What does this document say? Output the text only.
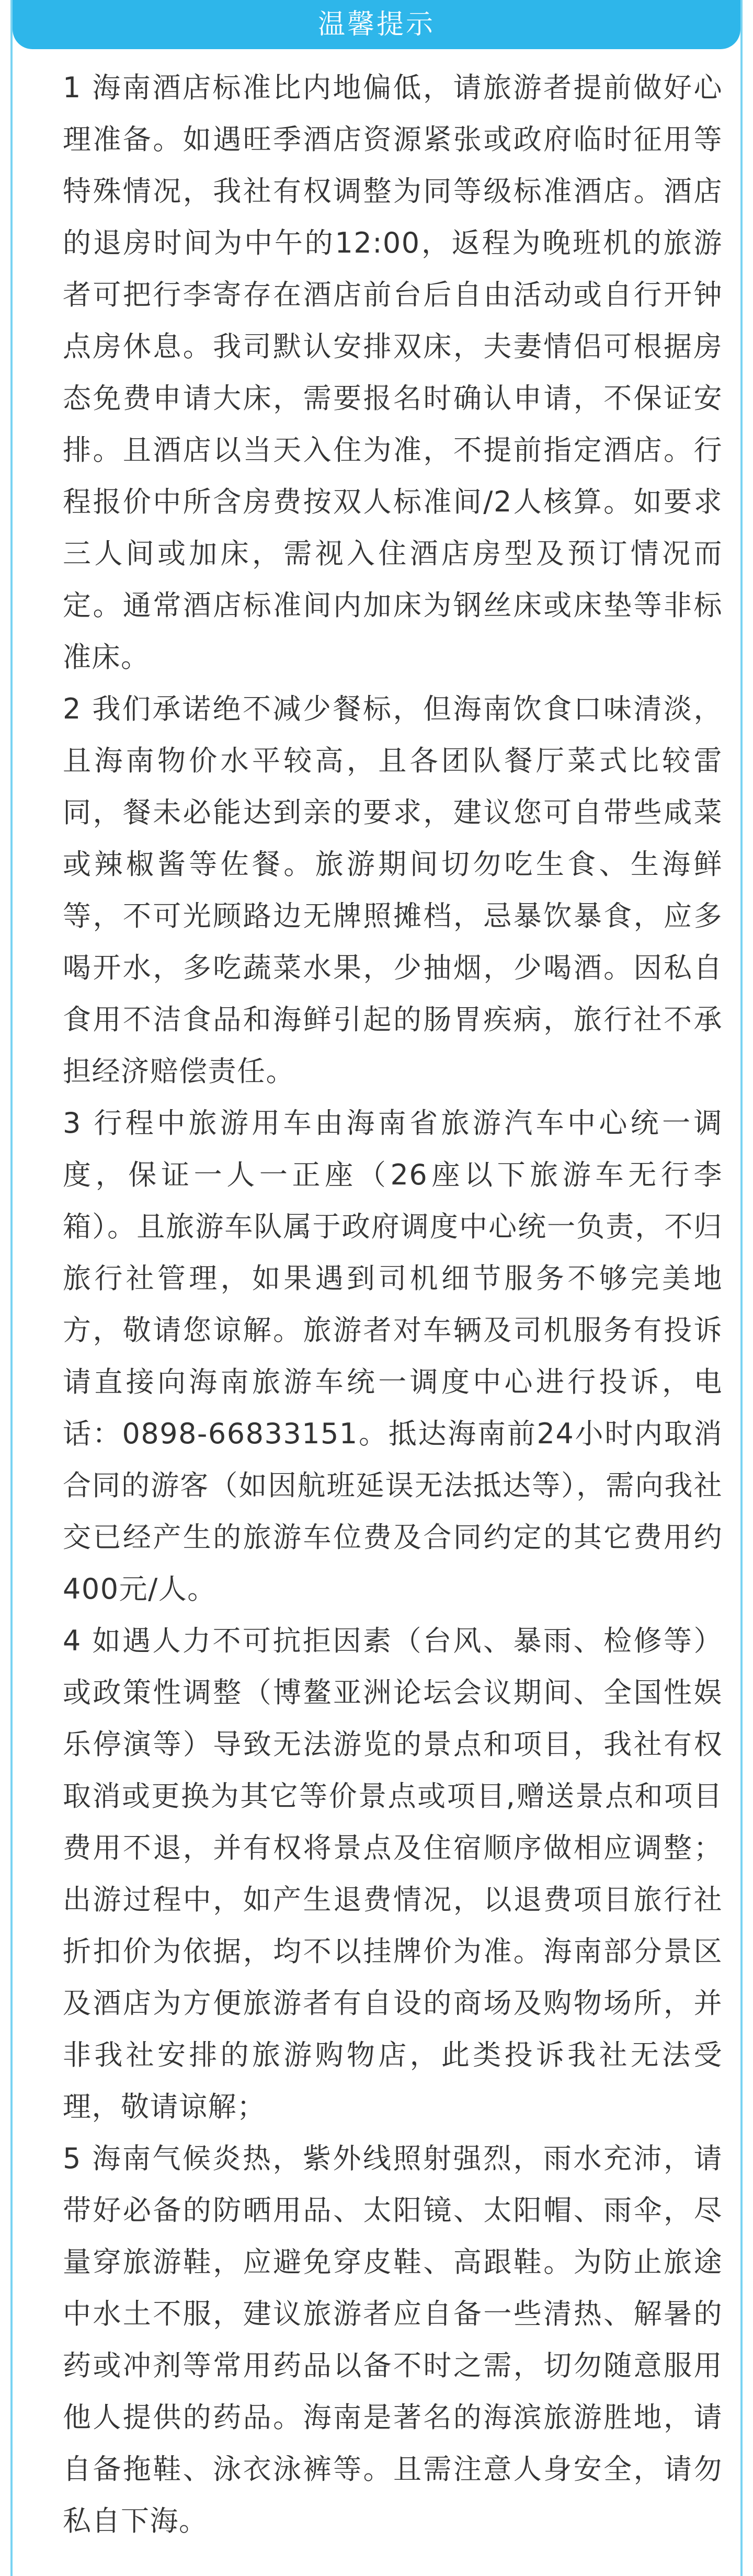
温馨提示

1 海南酒店标准比内地偏低，请旅游者提前做好心理准备。如遇旺季酒店资源紧张或政府临时征用等特殊情况，我社有权调整为同等级标准酒店。酒店的退房时间为中午的12:00，返程为晚班机的旅游者可把行李寄存在酒店前台后自由活动或自行开钟点房休息。我司默认安排双床，夫妻情侣可根据房态免费申请大床，需要报名时确认申请，不保证安排。且酒店以当天入住为准，不提前指定酒店。行程报价中所含房费按双人标准间/2人核算。如要求三人间或加床，需视入住酒店房型及预订情况而定。通常酒店标准间内加床为钢丝床或床垫等非标准床。

2 我们承诺绝不减少餐标，但海南饮食口味清淡，且海南物价水平较高，且各团队餐厅菜式比较雷同，餐未必能达到亲的要求，建议您可自带些咸菜或辣椒酱等佐餐。旅游期间切勿吃生食、生海鲜等，不可光顾路边无牌照摊档，忌暴饮暴食，应多喝开水，多吃蔬菜水果，少抽烟，少喝酒。因私自食用不洁食品和海鲜引起的肠胃疾病，旅行社不承担经济赔偿责任。

3 行程中旅游用车由海南省旅游汽车中心统一调度，保证一人一正座（26座以下旅游车无行李箱）。且旅游车队属于政府调度中心统一负责，不归旅行社管理，如果遇到司机细节服务不够完美地方，敬请您谅解。旅游者对车辆及司机服务有投诉请直接向海南旅游车统一调度中心进行投诉，电话：0898-66833151。抵达海南前24小时内取消合同的游客（如因航班延误无法抵达等），需向我社交已经产生的旅游车位费及合同约定的其它费用约400元/人。

4 如遇人力不可抗拒因素（台风、暴雨、检修等）或政策性调整（博鳌亚洲论坛会议期间、全国性娱乐停演等）导致无法游览的景点和项目，我社有权取消或更换为其它等价景点或项目,赠送景点和项目费用不退，并有权将景点及住宿顺序做相应调整；出游过程中，如产生退费情况，以退费项目旅行社折扣价为依据，均不以挂牌价为准。海南部分景区及酒店为方便旅游者有自设的商场及购物场所，并非我社安排的旅游购物店，此类投诉我社无法受理，敬请谅解；

5 海南气候炎热，紫外线照射强烈，雨水充沛，请带好必备的防晒用品、太阳镜、太阳帽、雨伞，尽量穿旅游鞋，应避免穿皮鞋、高跟鞋。为防止旅途中水土不服，建议旅游者应自备一些清热、解暑的药或冲剂等常用药品以备不时之需，切勿随意服用他人提供的药品。海南是著名的海滨旅游胜地，请自备拖鞋、泳衣泳裤等。且需注意人身安全，请勿私自下海。
